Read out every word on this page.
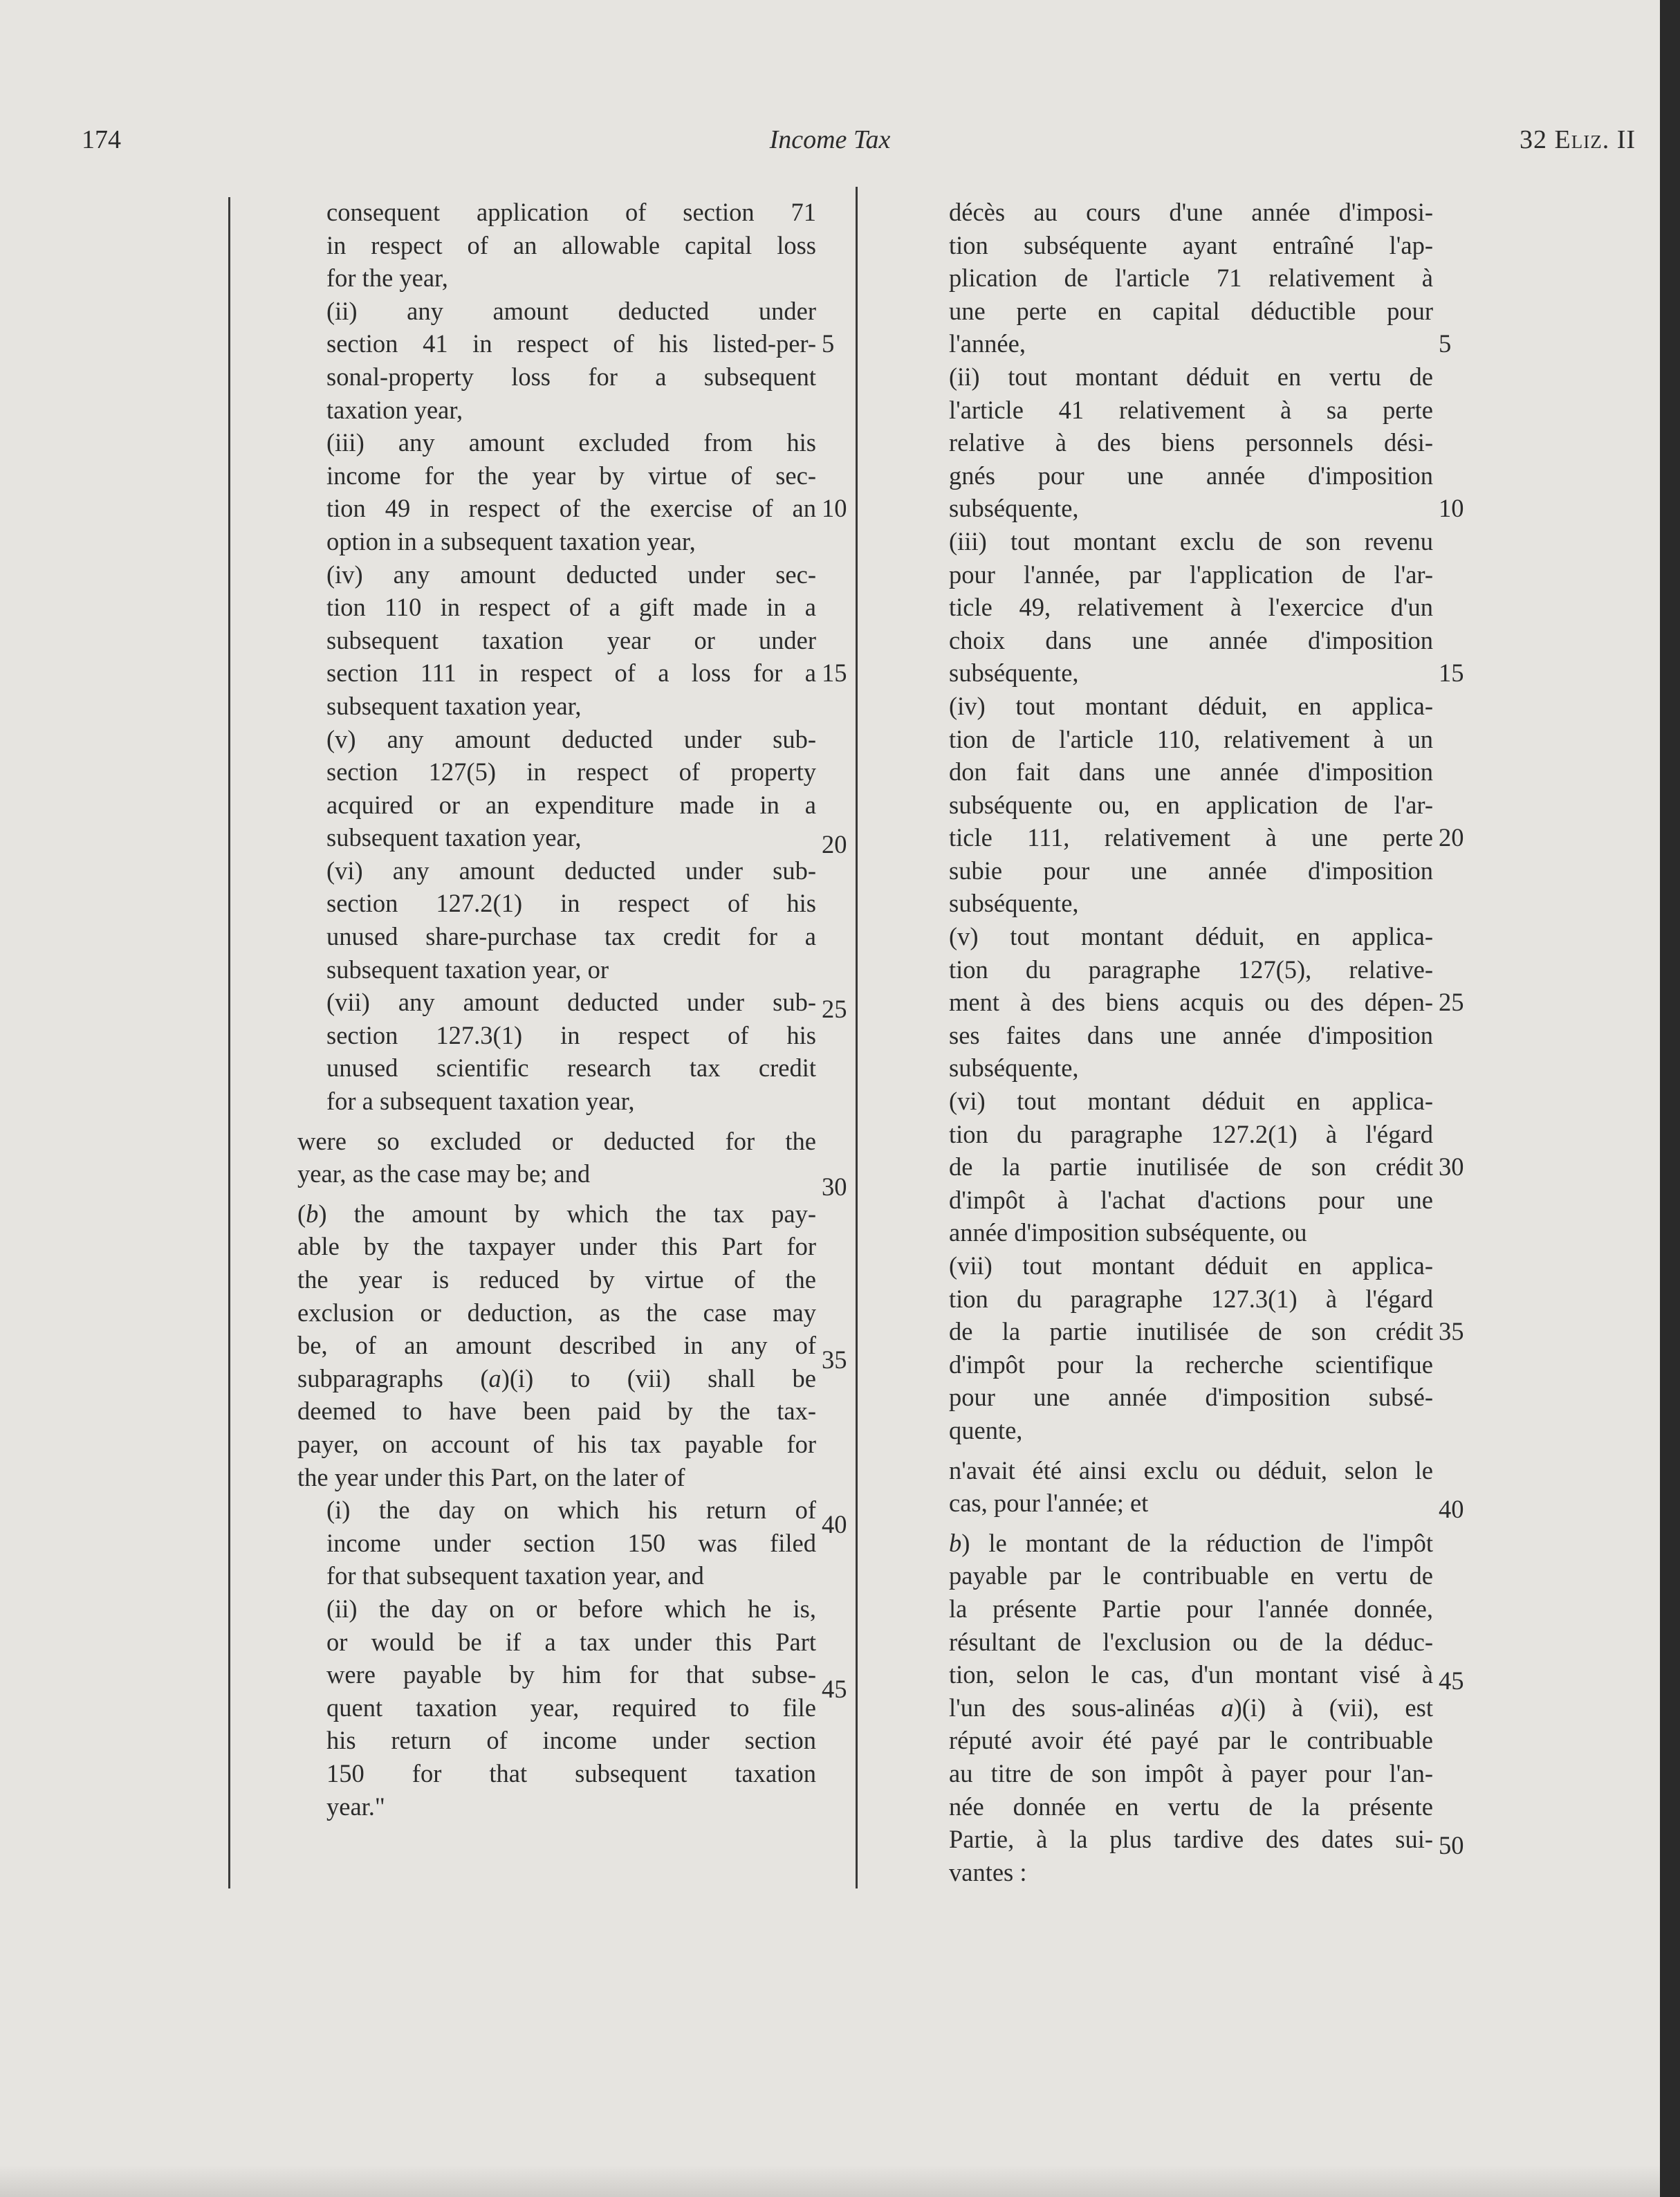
174	Income Tax	32 Eliz. II
consequent application of section 71
in respect of an allowable capital loss
for the year,
(ii) any amount deducted under
section 41 in respect of his listed-per-
sonal-property loss for a subsequent
taxation year,
(iii) any amount excluded from his
income for the year by virtue of sec-
tion 49 in respect of the exercise of an
option in a subsequent taxation year,
(iv) any amount deducted under sec-
tion 110 in respect of a gift made in a
subsequent taxation year or under
section 111 in respect of a loss for a
subsequent taxation year,
(v) any amount deducted under sub-
section 127(5) in respect of property
acquired or an expenditure made in a
subsequent taxation year,
(vi) any amount deducted under sub-
section 127.2(1) in respect of his
unused share-purchase tax credit for a
subsequent taxation year, or
(vii) any amount deducted under sub-
section 127.3(1) in respect of his
unused scientific research tax credit
for a subsequent taxation year,
were so excluded or deducted for the
year, as the case may be; and
(b) the amount by which the tax pay-
able by the taxpayer under this Part for
the year is reduced by virtue of the
exclusion or deduction, as the case may
be, of an amount described in any of
subparagraphs (a)(i) to (vii) shall be
deemed to have been paid by the tax-
payer, on account of his tax payable for
the year under this Part, on the later of
(i) the day on which his return of
income under section 150 was filed
for that subsequent taxation year, and
(ii) the day on or before which he is,
or would be if a tax under this Part
were payable by him for that subse-
quent taxation year, required to file
his return of income under section
150 for that subsequent taxation
year."
décès au cours d'une année d'imposi-
tion subséquente ayant entraîné l'ap-
plication de l'article 71 relativement à
une perte en capital déductible pour
l'année,
(ii) tout montant déduit en vertu de
l'article 41 relativement à sa perte
relative à des biens personnels dési-
gnés pour une année d'imposition
subséquente,
(iii) tout montant exclu de son revenu
pour l'année, par l'application de l'ar-
ticle 49, relativement à l'exercice d'un
choix dans une année d'imposition
subséquente,
(iv) tout montant déduit, en applica-
tion de l'article 110, relativement à un
don fait dans une année d'imposition
subséquente ou, en application de l'ar-
ticle 111, relativement à une perte
subie pour une année d'imposition
subséquente,
(v) tout montant déduit, en applica-
tion du paragraphe 127(5), relative-
ment à des biens acquis ou des dépen-
ses faites dans une année d'imposition
subséquente,
(vi) tout montant déduit en applica-
tion du paragraphe 127.2(1) à l'égard
de la partie inutilisée de son crédit
d'impôt à l'achat d'actions pour une
année d'imposition subséquente, ou
(vii) tout montant déduit en applica-
tion du paragraphe 127.3(1) à l'égard
de la partie inutilisée de son crédit
d'impôt pour la recherche scientifique
pour une année d'imposition subsé-
quente,
n'avait été ainsi exclu ou déduit, selon le
cas, pour l'année; et
b) le montant de la réduction de l'impôt
payable par le contribuable en vertu de
la présente Partie pour l'année donnée,
résultant de l'exclusion ou de la déduc-
tion, selon le cas, d'un montant visé à
l'un des sous-alinéas a)(i) à (vii), est
réputé avoir été payé par le contribuable
au titre de son impôt à payer pour l'an-
née donnée en vertu de la présente
Partie, à la plus tardive des dates sui-
vantes :
5
10
15
20
25
30
35
40
45
5
10
15
20
25
30
35
40
45
50
